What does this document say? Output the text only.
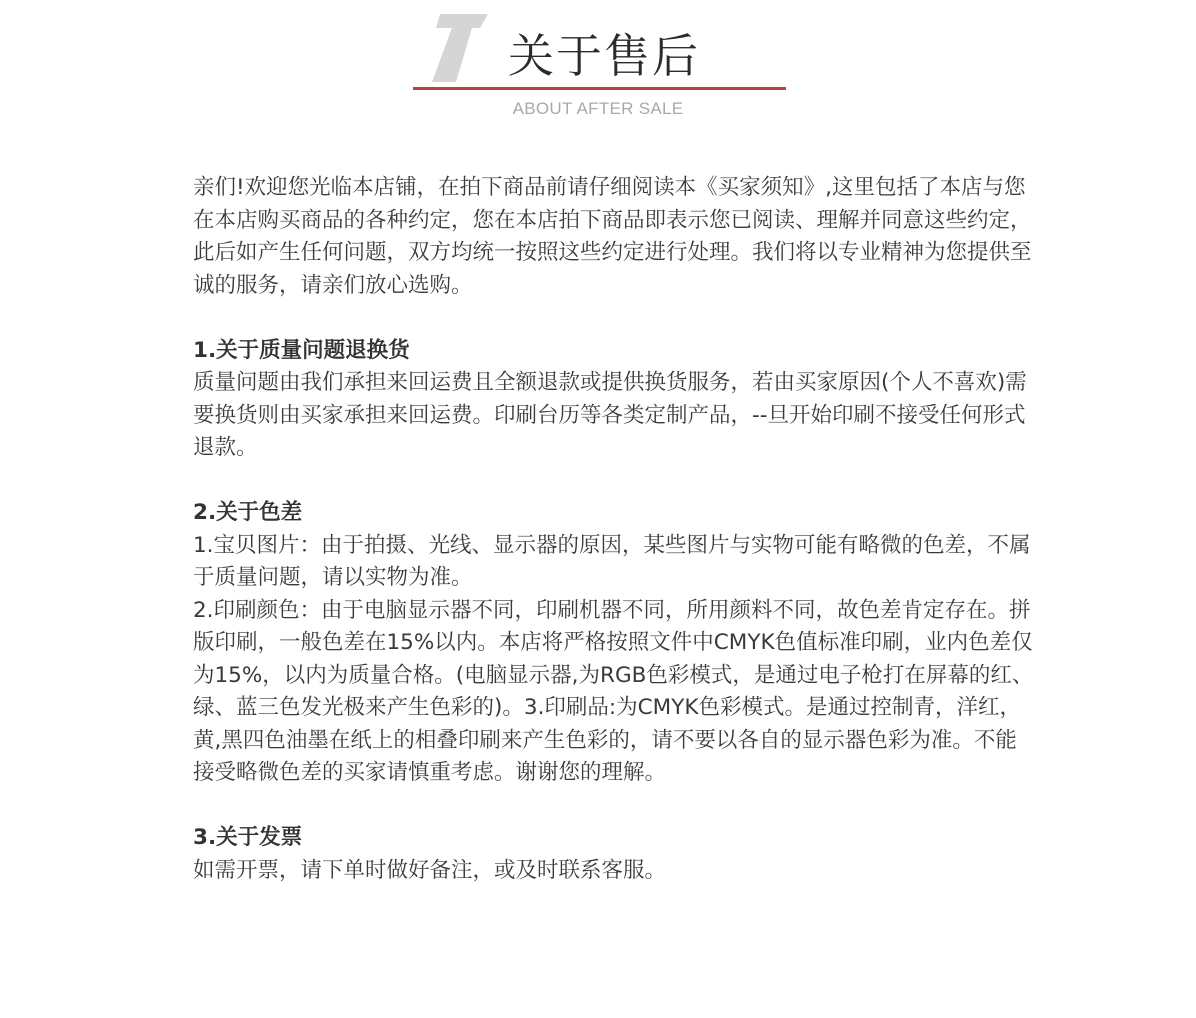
关于售后
ABOUT AFTER SALE

亲们!欢迎您光临本店铺，在拍下商品前请仔细阅读本《买家须知》,这里包括了本店与您在本店购买商品的各种约定，您在本店拍下商品即表示您已阅读、理解并同意这些约定，此后如产生任何问题，双方均统一按照这些约定进行处理。我们将以专业精神为您提供至诚的服务，请亲们放心选购。

1.关于质量问题退换货

质量问题由我们承担来回运费且全额退款或提供换货服务，若由买家原因(个人不喜欢)需要换货则由买家承担来回运费。印刷台历等各类定制产品，--旦开始印刷不接受任何形式退款。

2.关于色差

1.宝贝图片：由于拍摄、光线、显示器的原因，某些图片与实物可能有略微的色差，不属于质量问题，请以实物为准。

2.印刷颜色：由于电脑显示器不同，印刷机器不同，所用颜料不同，故色差肯定存在。拼版印刷，一般色差在15%以内。本店将严格按照文件中CMYK色值标准印刷，业内色差仅为15%，以内为质量合格。(电脑显示器,为RGB色彩模式，是通过电子枪打在屏幕的红、绿、蓝三色发光极来产生色彩的)。3.印刷品:为CMYK色彩模式。是通过控制青，洋红，黄,黑四色油墨在纸上的相叠印刷来产生色彩的，请不要以各自的显示器色彩为准。不能接受略微色差的买家请慎重考虑。谢谢您的理解。

3.关于发票

如需开票，请下单时做好备注，或及时联系客服。
